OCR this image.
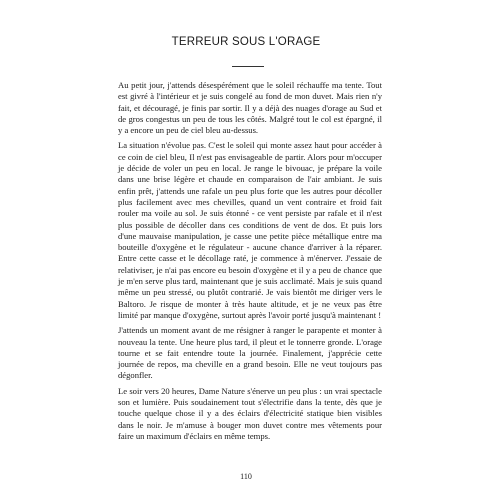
TERREUR SOUS L'ORAGE

Au petit jour, j'attends désespérément que le soleil réchauffe ma tente. Tout est givré à l'intérieur et je suis congelé au fond de mon duvet. Mais rien n'y fait, et découragé, je finis par sortir. Il y a déjà des nuages d'orage au Sud et de gros congestus un peu de tous les côtés. Malgré tout le col est épargné, il y a encore un peu de ciel bleu au-dessus.

La situation n'évolue pas. C'est le soleil qui monte assez haut pour accéder à ce coin de ciel bleu, Il n'est pas envisageable de partir. Alors pour m'occuper je décide de voler un peu en local. Je range le bivouac, je prépare la voile dans une brise légère et chaude en comparaison de l'air ambiant. Je suis enfin prêt, j'attends une rafale un peu plus forte que les autres pour décoller plus facilement avec mes chevilles, quand un vent contraire et froid fait rouler ma voile au sol. Je suis étonné - ce vent persiste par rafale et il n'est plus possible de décoller dans ces conditions de vent de dos. Et puis lors d'une mauvaise manipulation, je casse une petite pièce métallique entre ma bouteille d'oxygène et le régulateur - aucune chance d'arriver à la réparer. Entre cette casse et le décollage raté, je commence à m'énerver. J'essaie de relativiser, je n'ai pas encore eu besoin d'oxygène et il y a peu de chance que je m'en serve plus tard, maintenant que je suis acclimaté. Mais je suis quand même un peu stressé, ou plutôt contrarié. Je vais bientôt me diriger vers le Baltoro. Je risque de monter à très haute altitude, et je ne veux pas être limité par manque d'oxygène, surtout après l'avoir porté jusqu'à maintenant !

J'attends un moment avant de me résigner à ranger le parapente et monter à nouveau la tente. Une heure plus tard, il pleut et le tonnerre gronde. L'orage tourne et se fait entendre toute la journée. Finalement, j'apprécie cette journée de repos, ma cheville en a grand besoin. Elle ne veut toujours pas dégonfler.

Le soir vers 20 heures, Dame Nature s'énerve un peu plus : un vrai spectacle son et lumière. Puis soudainement tout s'électrifie dans la tente, dès que je touche quelque chose il y a des éclairs d'électricité statique bien visibles dans le noir. Je m'amuse à bouger mon duvet contre mes vêtements pour faire un maximum d'éclairs en même temps.

110
